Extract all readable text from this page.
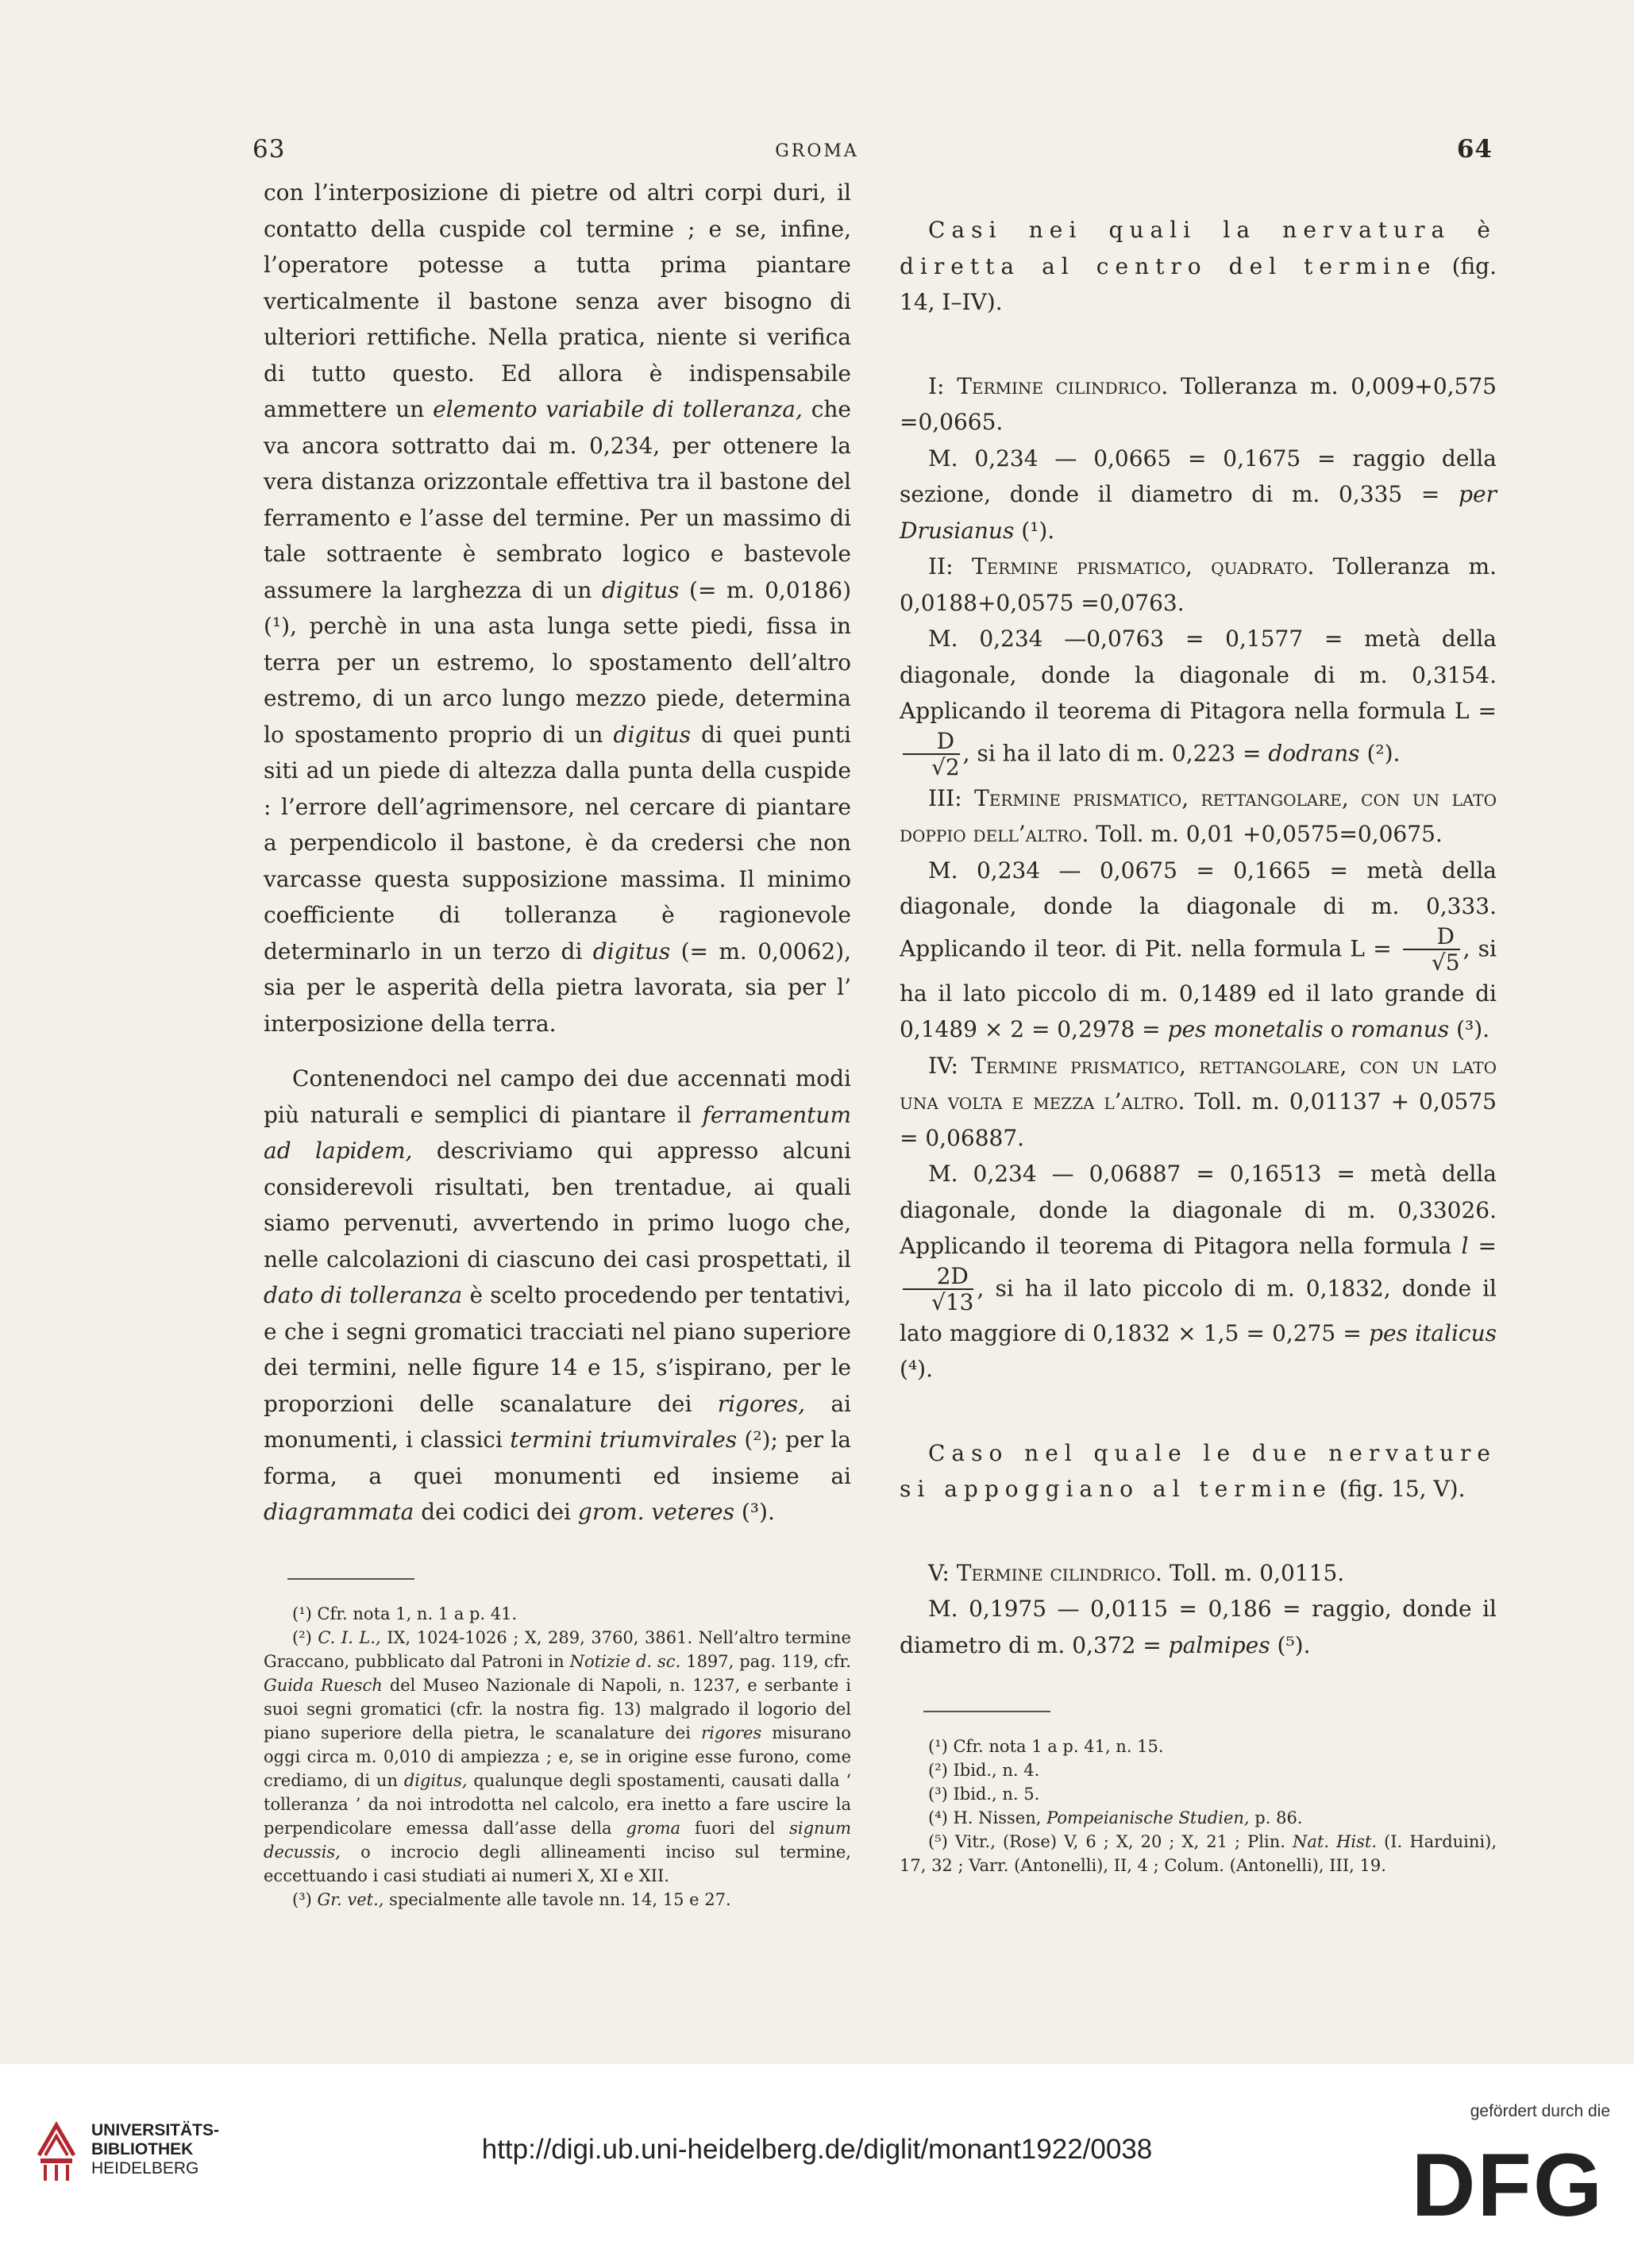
63	GROMA	64

con l’interposizione di pietre od altri corpi duri, il contatto della cuspide col termine ; e se, infine, l’operatore potesse a tutta prima piantare verticalmente il bastone senza aver bisogno di ulteriori rettifiche. Nella pratica, niente si verifica di tutto questo. Ed allora è indispensabile ammettere un elemento variabile di tolleranza, che va ancora sottratto dai m. 0,234, per ottenere la vera distanza orizzontale effettiva tra il bastone del ferramento e l’asse del termine. Per un massimo di tale sottraente è sembrato logico e bastevole assumere la larghezza di un digitus (= m. 0,0186) (¹), perchè in una asta lunga sette piedi, fissa in terra per un estremo, lo spostamento dell’altro estremo, di un arco lungo mezzo piede, determina lo spostamento proprio di un digitus di quei punti siti ad un piede di altezza dalla punta della cuspide : l’errore dell’agrimensore, nel cercare di piantare a perpendicolo il bastone, è da credersi che non varcasse questa supposizione massima. Il minimo coefficiente di tolleranza è ragionevole determinarlo in un terzo di digitus (= m. 0,0062), sia per le asperità della pietra lavorata, sia per l’ interposizione della terra.

Contenendoci nel campo dei due accennati modi più naturali e semplici di piantare il ferramentum ad lapidem, descriviamo qui appresso alcuni considerevoli risultati, ben trentadue, ai quali siamo pervenuti, avvertendo in primo luogo che, nelle calcolazioni di ciascuno dei casi prospettati, il dato di tolleranza è scelto procedendo per tentativi, e che i segni gromatici tracciati nel piano superiore dei termini, nelle figure 14 e 15, s’ispirano, per le proporzioni delle scanalature dei rigores, ai monumenti, i classici termini triumvirales (²); per la forma, a quei monumenti ed insieme ai diagrammata dei codici dei grom. veteres (³).

(¹) Cfr. nota 1, n. 1 a p. 41.

(²) C. I. L., IX, 1024-1026 ; X, 289, 3760, 3861. Nell’altro termine Graccano, pubblicato dal Patroni in Notizie d. sc. 1897, pag. 119, cfr. Guida Ruesch del Museo Nazionale di Napoli, n. 1237, e serbante i suoi segni gromatici (cfr. la nostra fig. 13) malgrado il logorio del piano superiore della pietra, le scanalature dei rigores misurano oggi circa m. 0,010 di ampiezza ; e, se in origine esse furono, come crediamo, di un digitus, qualunque degli spostamenti, causati dalla ‘ tolleranza ’ da noi introdotta nel calcolo, era inetto a fare uscire la perpendicolare emessa dall’asse della groma fuori del signum decussis, o incrocio degli allineamenti inciso sul termine, eccettuando i casi studiati ai numeri X, XI e XII.

(³) Gr. vet., specialmente alle tavole nn. 14, 15 e 27.

Casi nei quali la nervatura è diretta al centro del termine (fig. 14, I–IV).

I: Termine cilindrico. Tolleranza m. 0,009+0,575 =0,0665.

M. 0,234 — 0,0665 = 0,1675 = raggio della sezione, donde il diametro di m. 0,335 = per Drusianus (¹).

II: Termine prismatico, quadrato. Tolleranza m. 0,0188+0,0575 =0,0763.

M. 0,234 —0,0763 = 0,1577 = metà della diagonale, donde la diagonale di m. 0,3154. Applicando il teorema di Pitagora nella formula L =
$\frac{D}{√2}$ , si ha il lato di m. 0,223 = dodrans (²).

III: Termine prismatico, rettangolare, con un lato doppio dell’altro. Toll. m. 0,01 +0,0575=0,0675.

M. 0,234 — 0,0675 = 0,1665 = metà della diagonale, donde la diagonale di m. 0,333. Applicando il teor. di Pit. nella formula $L = \frac{D}{√5}$ , si ha il lato piccolo di m. 0,1489 ed il lato grande di 0,1489 × 2 = 0,2978 = pes monetalis o romanus (³).

IV: Termine prismatico, rettangolare, con un lato una volta e mezza l’altro. Toll. m. 0,01137 + 0,0575 = 0,06887.

M. 0,234 — 0,06887 = 0,16513 = metà della diagonale, donde la diagonale di m. 0,33026. Applicando il teorema di Pitagora nella formula l =
$\frac{2D}{√13}$ , si ha il lato piccolo di m. 0,1832, donde il lato maggiore di 0,1832 × 1,5 = 0,275 = pes italicus (⁴).

Caso nel quale le due nervature si appoggiano al termine (fig. 15, V).

V: Termine cilindrico. Toll. m. 0,0115.

M. 0,1975 — 0,0115 = 0,186 = raggio, donde il diametro di m. 0,372 = palmipes (⁵).

(¹) Cfr. nota 1 a p. 41, n. 15.

(²) Ibid., n. 4.

(³) Ibid., n. 5.

(⁴) H. Nissen, Pompeianische Studien, p. 86.

(⁵) Vitr., (Rose) V, 6 ; X, 20 ; X, 21 ; Plin. Nat. Hist. (I. Harduini), 17, 32 ; Varr. (Antonelli), II, 4 ; Colum. (Antonelli), III, 19.

UNIVERSITÄTS-
BIBLIOTHEK
HEIDELBERG
http://digi.ub.uni-heidelberg.de/diglit/monant1922/0038
gefördert durch die
DFG
